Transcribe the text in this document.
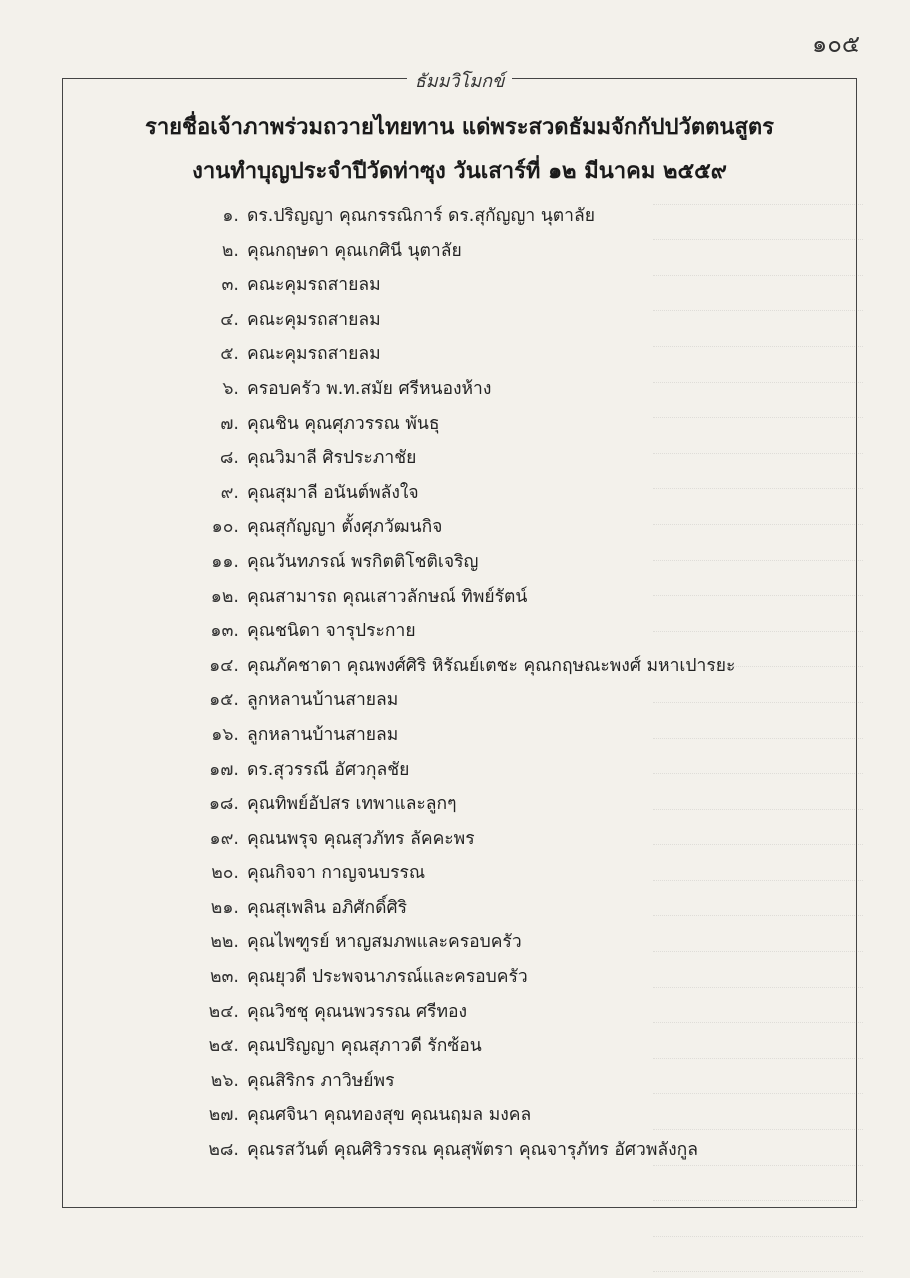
๑๐๕
ธัมมวิโมกข์
รายชื่อเจ้าภาพร่วมถวายไทยทาน แด่พระสวดธัมมจักกัปปวัตตนสูตร
งานทำบุญประจำปีวัดท่าซุง วันเสาร์ที่ ๑๒ มีนาคม ๒๕๕๙
๑. ดร.ปริญญา คุณกรรณิการ์ ดร.สุกัญญา นุตาลัย
๒. คุณกฤษดา คุณเกศินี นุตาลัย
๓. คณะคุมรถสายลม
๔. คณะคุมรถสายลม
๕. คณะคุมรถสายลม
๖. ครอบครัว พ.ท.สมัย ศรีหนองห้าง
๗. คุณชิน คุณศุภวรรณ พันธุ
๘. คุณวิมาลี ศิรประภาชัย
๙. คุณสุมาลี อนันต์พลังใจ
๑๐. คุณสุกัญญา ตั้งศุภวัฒนกิจ
๑๑. คุณวันทภรณ์ พรกิตติโชติเจริญ
๑๒. คุณสามารถ คุณเสาวลักษณ์ ทิพย์รัตน์
๑๓. คุณชนิดา จารุประกาย
๑๔. คุณภัคชาดา คุณพงศ์ศิริ หิรัณย์เตชะ คุณกฤษณะพงศ์ มหาเปารยะ
๑๕. ลูกหลานบ้านสายลม
๑๖. ลูกหลานบ้านสายลม
๑๗. ดร.สุวรรณี อัศวกุลชัย
๑๘. คุณทิพย์อัปสร เทพาและลูกๆ
๑๙. คุณนพรุจ คุณสุวภัทร ลัคคะพร
๒๐. คุณกิจจา กาญจนบรรณ
๒๑. คุณสุเพลิน อภิศักดิ์ศิริ
๒๒. คุณไพฑูรย์ หาญสมภพและครอบครัว
๒๓. คุณยุวดี ประพจนาภรณ์และครอบครัว
๒๔. คุณวิชชุ คุณนพวรรณ ศรีทอง
๒๕. คุณปริญญา คุณสุภาวดี รักซ้อน
๒๖. คุณสิริกร ภาวิษย์พร
๒๗. คุณศจินา คุณทองสุข คุณนฤมล มงคล
๒๘. คุณรสวันต์ คุณศิริวรรณ คุณสุพัตรา คุณจารุภัทร อัศวพลังกูล
